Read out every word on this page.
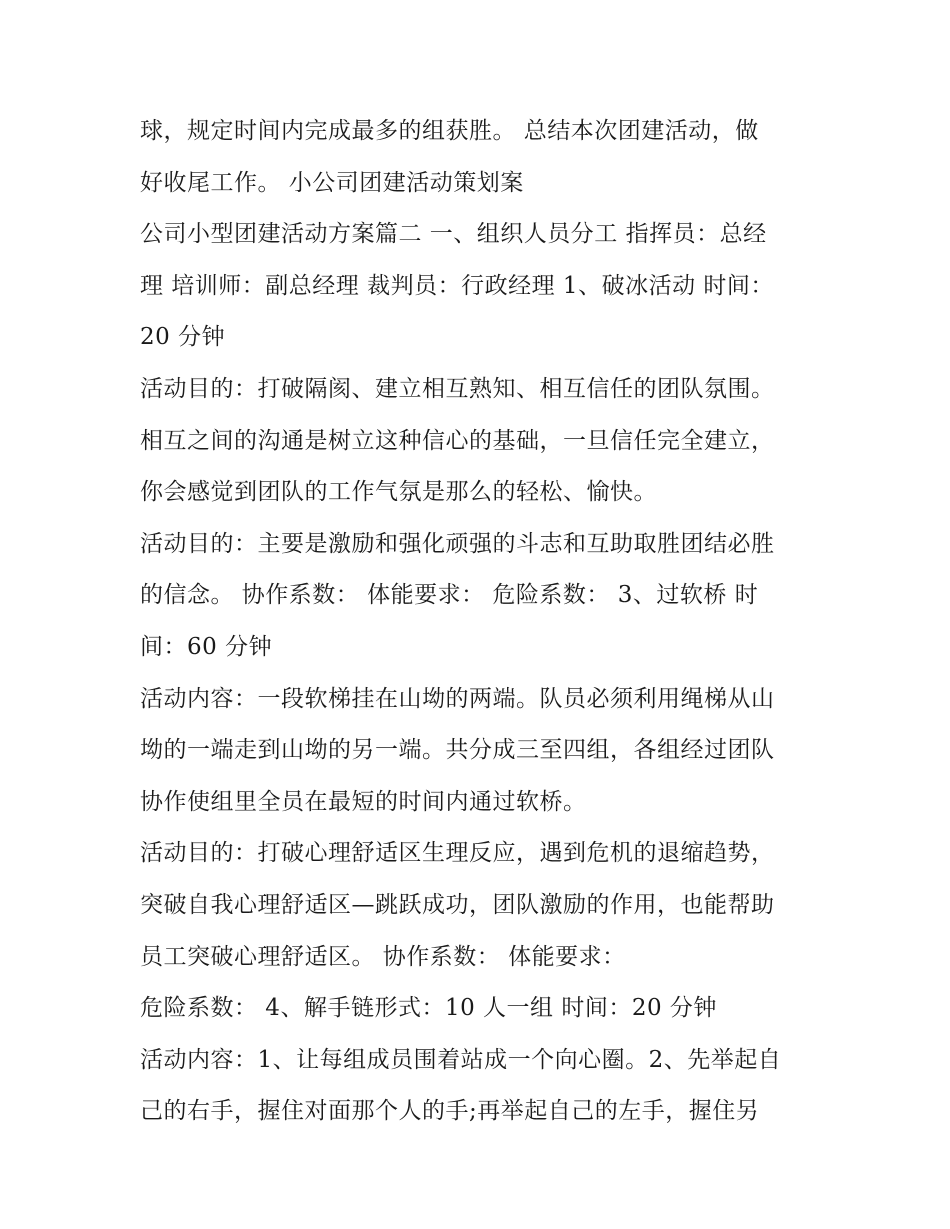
球，规定时间内完成最多的组获胜。 总结本次团建活动，做
好收尾工作。 小公司团建活动策划案
公司小型团建活动方案篇二 一、组织人员分工 指挥员：总经
理 培训师：副总经理 裁判员：行政经理 1、破冰活动 时间：
20 分钟
活动目的：打破隔阂、建立相互熟知、相互信任的团队氛围。
相互之间的沟通是树立这种信心的基础，一旦信任完全建立，
你会感觉到团队的工作气氛是那么的轻松、愉快。
活动目的：主要是激励和强化顽强的斗志和互助取胜团结必胜
的信念。 协作系数： 体能要求： 危险系数： 3、过软桥 时
间：60 分钟
活动内容：一段软梯挂在山坳的两端。队员必须利用绳梯从山
坳的一端走到山坳的另一端。共分成三至四组，各组经过团队
协作使组里全员在最短的时间内通过软桥。
活动目的：打破心理舒适区生理反应，遇到危机的退缩趋势，
突破自我心理舒适区—跳跃成功，团队激励的作用，也能帮助
员工突破心理舒适区。 协作系数： 体能要求：
危险系数： 4、解手链形式：10 人一组 时间：20 分钟
活动内容：1、让每组成员围着站成一个向心圈。2、先举起自
己的右手，握住对面那个人的手;再举起自己的左手，握住另
